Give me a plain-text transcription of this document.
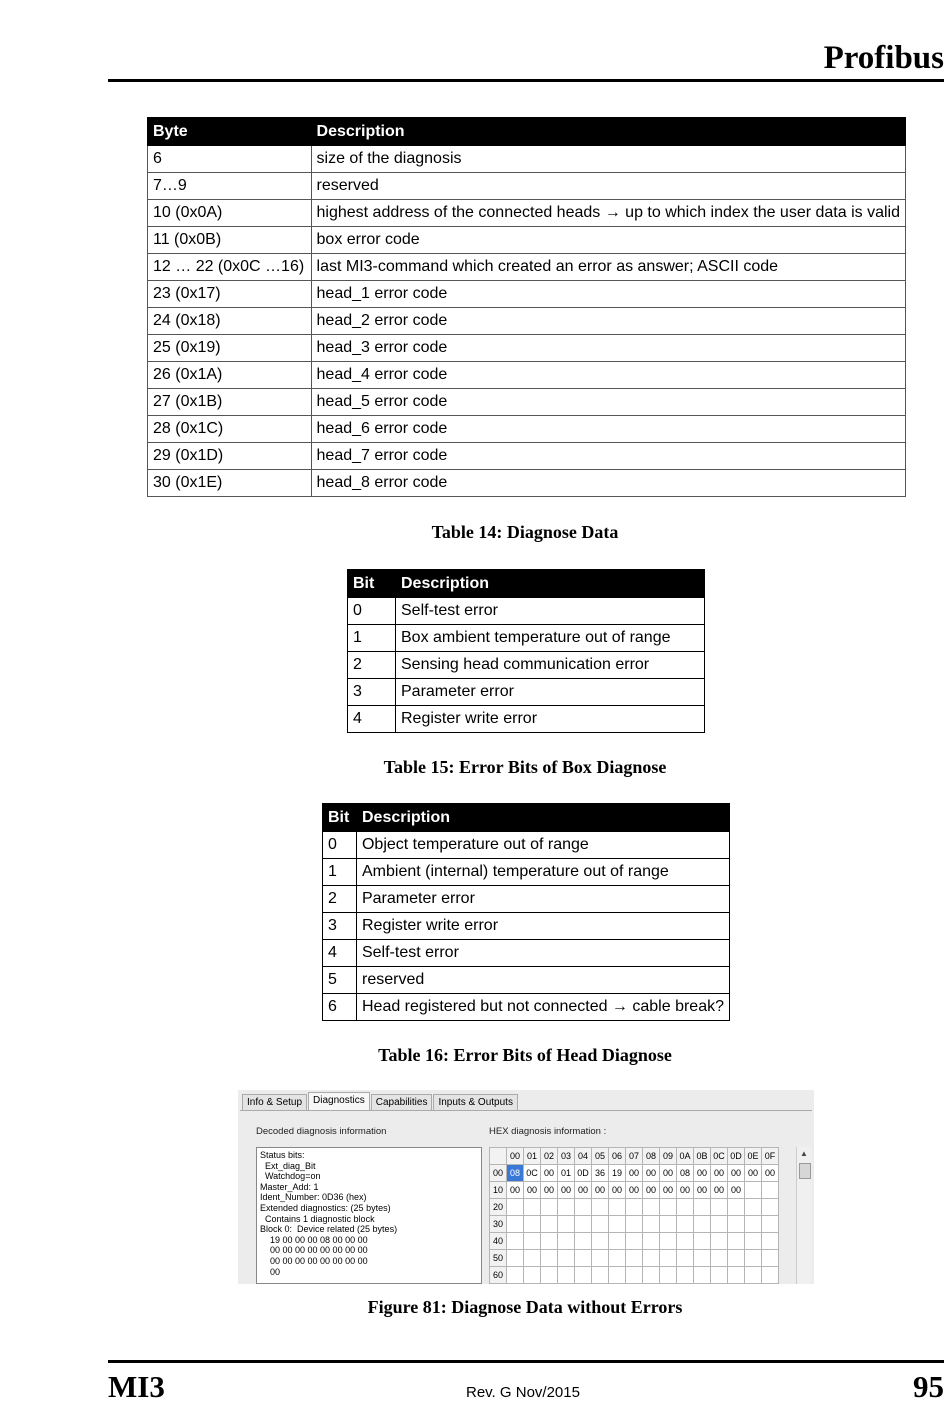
Profibus
Byte	Description
6	size of the diagnosis
7…9	reserved
10 (0x0A)	highest address of the connected heads → up to which index the user data is valid
11 (0x0B)	box error code
12 … 22 (0x0C …16)	last MI3-command which created an error as answer; ASCII code
23 (0x17)	head_1 error code
24 (0x18)	head_2 error code
25 (0x19)	head_3 error code
26 (0x1A)	head_4 error code
27 (0x1B)	head_5 error code
28 (0x1C)	head_6 error code
29 (0x1D)	head_7 error code
30 (0x1E)	head_8 error code
Table 14: Diagnose Data
Bit	Description
0	Self-test error
1	Box ambient temperature out of range
2	Sensing head communication error
3	Parameter error
4	Register write error
Table 15: Error Bits of Box Diagnose
Bit	Description
0	Object temperature out of range
1	Ambient (internal) temperature out of range
2	Parameter error
3	Register write error
4	Self-test error
5	reserved
6	Head registered but not connected → cable break?
Table 16: Error Bits of Head Diagnose
Info & Setup	Diagnostics	Capabilities	Inputs & Outputs
Decoded diagnosis information	HEX diagnosis information :
Status bits:
Ext_diag_Bit
Watchdog=on
Master_Add: 1
Ident_Number: 0D36 (hex)
Extended diagnostics: (25 bytes)
Contains 1 diagnostic block
Block 0:  Device related (25 bytes)
19 00 00 00 08 00 00 00
00 00 00 00 00 00 00 00
00 00 00 00 00 00 00 00
00
	00	01	02	03	04	05	06	07	08	09	0A	0B	0C	0D	0E	0F
00	08	0C	00	01	0D	36	19	00	00	00	08	00	00	00	00	00
10	00	00	00	00	00	00	00	00	00	00	00	00	00	00		
20																
30																
40																
50																
60																
▲
Figure 81: Diagnose Data without Errors
MI3	Rev. G Nov/2015	95
